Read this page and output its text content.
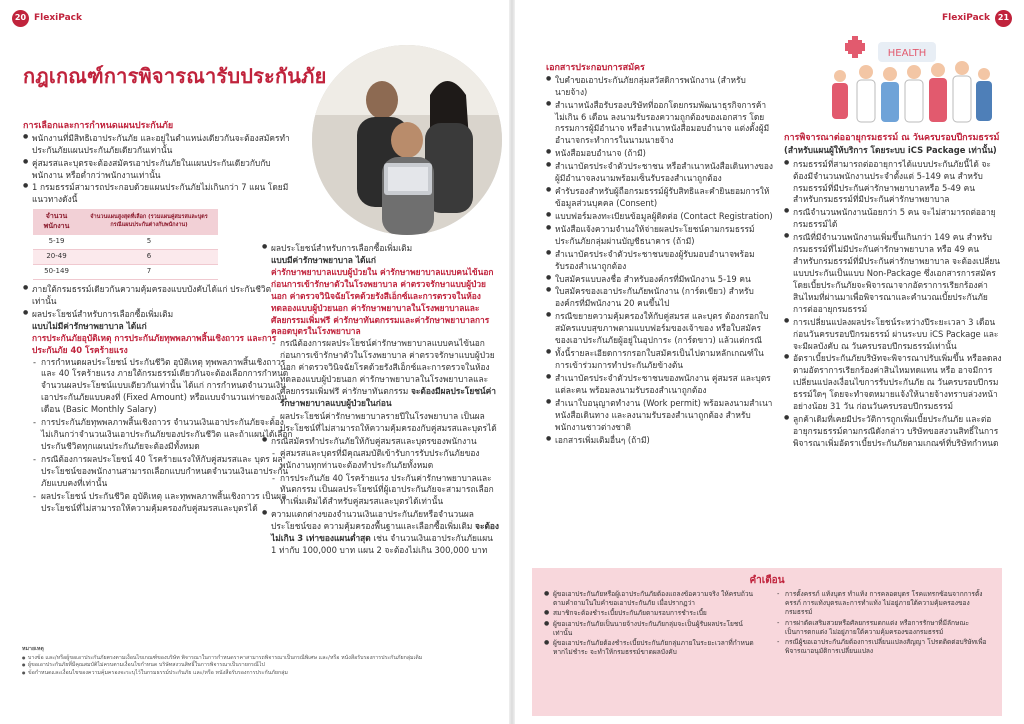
20 FlexiPack
กฎเกณฑ์การพิจารณารับประกันภัย
การเลือกและการกำหนดแผนประกันภัย
● พนักงานที่มีสิทธิเอาประกันภัย และอยู่ในตำแหน่งเดียวกันจะต้องสมัครทำประกันภัยแผนประกันภัยเดียวกันเท่านั้น
● คู่สมรสและบุตรจะต้องสมัครเอาประกันภัยในแผนประกันเดียวกับกับพนักงาน หรือต่ำกว่าพนักงานเท่านั้น
● 1 กรมธรรม์สามารถประกอบด้วยแผนประกันภัยไม่เกินกว่า 7 แผน โดยมีแนวทางดังนี้
จำนวนพนักงาน	จำนวนแผนสูงสุดที่เลือก (รวมแผนคู่สมรสและบุตร กรณีแผนประกันต่างกับพนักงาน)
5-19	5
20-49	6
50-149	7
● ภายใต้กรมธรรม์เดียวกันความคุ้มครองแบบบังคับได้แก่ ประกันชีวิต เท่านั้น
● ผลประโยชน์สำหรับการเลือกซื้อเพิ่มเติม
แบบไม่มีค่ารักษาพยาบาล ได้แก่
การประกันภัยอุบัติเหตุ การประกันภัยทุพพลภาพสิ้นเชิงถาวร และการประกันภัย 40 โรคร้ายแรง
- การกำหนดผลประโยชน์ ประกันชีวิต อุบัติเหตุ ทุพพลภาพสิ้นเชิงถาวร และ 40 โรคร้ายแรง ภายใต้กรมธรรม์เดียวกันจะต้องเลือกการกำหนดจำนวนผลประโยชน์แบบเดียวกันเท่านั้น ได้แก่ การกำหนดจำนวนเงินเอาประกันภัยแบบคงที่ (Fixed Amount) หรือแบบจำนวนเท่าของเงินเดือน (Basic Monthly Salary)
- การประกันภัยทุพพลภาพสิ้นเชิงถาวร จำนวนเงินเอาประกันภัยจะต้องไม่เกินกว่าจำนวนเงินเอาประกันภัยของประกันชีวิต และถ้าแผนได้เลือกประกันชีวิตทุกแผนประกันภัยจะต้องมีทั้งหมด
- กรณีต้องการผลประโยชน์ 40 โรคร้ายแรงให้กับคู่สมรสและ บุตร ผลประโยชน์ของพนักงานสามารถเลือกแบบกำหนดจำนวนเงินเอาประกันภัยแบบคงที่เท่านั้น
- ผลประโยชน์ ประกันชีวิต อุบัติเหตุ และทุพพลภาพสิ้นเชิงถาวร เป็นผลประโยชน์ที่ไม่สามารถให้ความคุ้มครองกับคู่สมรสและบุตรได้
● ผลประโยชน์สำหรับการเลือกซื้อเพิ่มเติม
แบบมีค่ารักษาพยาบาล ได้แก่
ค่ารักษาพยาบาลแบบผู้ป่วยใน ค่ารักษาพยาบาลแบบคนไข้นอกก่อนการเข้ารักษาตัวในโรงพยาบาล ค่าตรวจรักษาแบบผู้ป่วยนอก ค่าตรวจวินิจฉัยโรคด้วยรังสีเอ็กซ์และการตรวจในห้องทดลองแบบผู้ป่วยนอก ค่ารักษาพยาบาลในโรงพยาบาลและศัลยกรรมเพิ่มฟรี ค่ารักษาทันตกรรมและค่ารักษาพยาบาลการคลอดบุตรในโรงพยาบาล
- กรณีต้องการผลประโยชน์ค่ารักษาพยาบาลแบบคนไข้นอกก่อนการเข้ารักษาตัวในโรงพยาบาล ค่าตรวจรักษาแบบผู้ป่วยนอก ค่าตรวจวินิจฉัยโรคด้วยรังสีเอ็กซ์และการตรวจในห้องทดลองแบบผู้ป่วยนอก ค่ารักษาพยาบาลในโรงพยาบาลและศัลยกรรมเพิ่มฟรี ค่ารักษาทันตกรรม จะต้องมีผลประโยชน์ค่ารักษาพยาบาลแบบผู้ป่วยในก่อน
- ผลประโยชน์ค่ารักษาพยาบาลรายปีในโรงพยาบาล เป็นผลประโยชน์ที่ไม่สามารถให้ความคุ้มครองกับคู่สมรสและบุตรได้
● กรณีสมัครทำประกันภัยให้กับคู่สมรสและบุตรของพนักงาน
- คู่สมรสและบุตรที่มีคุณสมบัติเข้ารับการรับประกันภัยของพนักงานทุกท่านจะต้องทำประกันภัยทั้งหมด
- การประกันภัย 40 โรคร้ายแรง ประกันค่ารักษาพยาบาลและทันตกรรม เป็นผลประโยชน์ที่ผู้เอาประกันภัยจะสามารถเลือกทำเพิ่มเติมได้สำหรับคู่สมรสและบุตรได้เท่านั้น
● ความแตกต่างของจำนวนเงินเอาประกันภัยหรือจำนวนผลประโยชน์ของ ความคุ้มครองพื้นฐานและเลือกซื้อเพิ่มเติม จะต้องไม่เกิน 3 เท่าของแผนต่ำสุด เช่น จำนวนเงินเอาประกันภัยแผน 1 ท่ากับ 100,000 บาท แผน 2 จะต้องไม่เกิน 300,000 บาท
หมายเหตุ
● บางข้อ และ/หรือผู้ขอเอาประกันภัยตรงตามเงื่อนไขเกณฑ์ของบริษัท พิจารณาในการกำหนดราคาสามารถพิจารณาเป็นกรณีพิเศษ และ/หรือ หนังสือรับรองการประกันภัยกลุ่มเดิม
● ผู้ขอเอาประกันภัยที่มีคุณสมบัติไม่ครบตามเงื่อนไขกำหนด บริษัทสงวนสิทธิ์ในการพิจารณาเป็นรายกรณีไป
● ข้อกำหนดและเงื่อนไขของความคุ้มครองจะระบุไว้ในกรมธรรม์ประกันภัย และ/หรือ หนังสือรับรองการประกันภัยกลุ่ม
FlexiPack 21
HEALTH
เอกสารประกอบการสมัคร
● ใบคำขอเอาประกันภัยกลุ่มสวัสดิการพนักงาน (สำหรับนายจ้าง)
● สำเนาหนังสือรับรองบริษัทที่ออกโดยกรมพัฒนาธุรกิจการค้า ไม่เกิน 6 เดือน ลงนามรับรองความถูกต้องของเอกสาร โดยกรรมการผู้มีอำนาจ หรือสำเนาหนังสือมอบอำนาจ แต่งตั้งผู้มีอำนาจกระทำการในนามนายจ้าง
● หนังสือมอบอำนาจ (ถ้ามี)
● สำเนาบัตรประจำตัวประชาชน หรือสำเนาหนังสือเดินทางของผู้มีอำนาจลงนามพร้อมเซ็นรับรองสำเนาถูกต้อง
● คำรับรองสำหรับผู้ถือกรมธรรม์ผู้รับสิทธิและคำยินยอมการให้ข้อมูลส่วนบุคคล (Consent)
● แบบฟอร์มลงทะเบียนข้อมูลผู้ติดต่อ (Contact Registration)
● หนังสือแจ้งความจำนงให้จ่ายผลประโยชน์ตามกรมธรรม์ประกันภัยกลุ่มผ่านบัญชีธนาคาร (ถ้ามี)
● สำเนาบัตรประจำตัวประชาชนของผู้รับมอบอำนาจพร้อมรับรองสำเนาถูกต้อง
● ใบสมัครแบบลงชื่อ สำหรับองค์กรที่มีพนักงาน 5-19 คน
● ใบสมัครของเอาประกันภัยพนักงาน (การ์ดเขียว) สำหรับองค์กรที่มีพนักงาน 20 คนขึ้นไป
● กรณีขยายความคุ้มครองให้กับคู่สมรส และบุตร ต้องกรอกใบสมัครแบบสุขภาพตามแบบฟอร์มของเจ้าของ หรือใบสมัครของเอาประกันภัยผู้อยู่ในอุปการะ (การ์ดขาว) แล้วแต่กรณี
● ทั้งนี้รายละเอียดการกรอกใบสมัครเป็นไปตามหลักเกณฑ์ในการเข้าร่วมการทำประกันภัยข้างต้น
● สำเนาบัตรประจำตัวประชาชนของพนักงาน คู่สมรส และบุตรแต่ละคน พร้อมลงนามรับรองสำเนาถูกต้อง
● สำเนาใบอนุญาตทำงาน (Work permit) พร้อมลงนามสำเนาหนังสือเดินทาง และลงนามรับรองสำเนาถูกต้อง สำหรับพนักงานชาวต่างชาติ
● เอกสารเพิ่มเติมอื่นๆ (ถ้ามี)
การพิจารณาต่ออายุกรมธรรม์ ณ วันครบรอบปีกรมธรรม์
(สำหรับแผนผู้ให้บริการ โดยระบบ iCS Package เท่านั้น)
● กรมธรรม์ที่สามารถต่ออายุการได้แบบประกันภัยนี้ได้ จะต้องมีจำนวนพนักงานประจำตั้งแต่ 5-149 คน สำหรับกรมธรรม์ที่มีประกันค่ารักษาพยาบาลหรือ 5-49 คน สำหรับกรมธรรม์ที่มีประกันค่ารักษาพยาบาล
● กรณีจำนวนพนักงานน้อยกว่า 5 คน จะไม่สามารถต่ออายุกรมธรรม์ได้
● กรณีที่มีจำนวนพนักงานเพิ่มขึ้นเกินกว่า 149 คน สำหรับกรมธรรม์ที่ไม่มีประกันค่ารักษาพยาบาล หรือ 49 คน สำหรับกรมธรรม์ที่มีประกันค่ารักษาพยาบาล จะต้องเปลี่ยนแบบประกันเป็นแบบ Non-Package ซึ่งเอกสารการสมัครโดยเบี้ยประกันภัยจะพิจารณาจากอัตราการเรียกร้องค่าสินไหมที่ผ่านมาเพื่อพิจารณาและคำนวณเบี้ยประกันภัยการต่ออายุกรมธรรม์
● การเปลี่ยนแปลงผลประโยชน์ระหว่างปีระยะเวลา 3 เดือนก่อนวันครบรอบปีกรมธรรม์ ผ่านระบบ iCS Package และจะมีผลบังคับ ณ วันครบรอบปีกรมธรรม์เท่านั้น
● อัตราเบี้ยประกันภัยบริษัทจะพิจารณาปรับเพิ่มขึ้น หรือลดลงตามอัตราการเรียกร้องค่าสินไหมทดแทน หรือ อาจมีการเปลี่ยนแปลงเงื่อนไขการรับประกันภัย ณ วันครบรอบปีกรมธรรม์ใดๆ โดยจะทำจดหมายแจ้งให้นายจ้างทราบล่วงหน้าอย่างน้อย 31 วัน ก่อนวันครบรอบปีกรมธรรม์
● ลูกค้าเดิมที่เคยมีประวัติการถูกเพิ่มเบี้ยประกันภัย และต่ออายุกรมธรรม์ตามกรณีดังกล่าว บริษัทขอสงวนสิทธิ์ในการพิจารณาเพิ่มอัตราเบี้ยประกันภัยตามเกณฑ์ที่บริษัทกำหนด
คำเตือน
● ผู้ขอเอาประกันภัยหรือผู้เอาประกันภัยต้องแถลงข้อความจริง ให้ครบถ้วนตามคำถามในใบคำขอเอาประกันภัย เมื่อปรากฏว่า
● สมาชิกจะต้องชำระเบี้ยประกันภัยตามรอบการชำระเบี้ย
● ผู้ขอเอาประกันภัยเป็นนายจ้างประกันภัยกลุ่มจะเป็นผู้รับผลประโยชน์เท่านั้น
● ผู้ขอเอาประกันภัยต้องชำระเบี้ยประกันภัยกลุ่มภายในระยะเวลาที่กำหนด หากไม่ชำระ จะทำให้กรมธรรม์ขาดผลบังคับ
- การตั้งครรภ์ แท้งบุตร ทำแท้ง การคลอดบุตร โรคแทรกซ้อนจากการตั้งครรภ์ การแท้งบุตรและการทำแท้ง ไม่อยู่ภายใต้ความคุ้มครองของกรมธรรม์
- การผ่าตัดเสริมสวยหรือศัลยกรรมตกแต่ง หรือการรักษาที่มีลักษณะเป็นการตกแต่ง ไม่อยู่ภายใต้ความคุ้มครองของกรมธรรม์
- กรณีผู้ขอเอาประกันภัยต้องการเปลี่ยนแปลงสัญญา โปรดติดต่อบริษัทเพื่อพิจารณาอนุมัติการเปลี่ยนแปลง
